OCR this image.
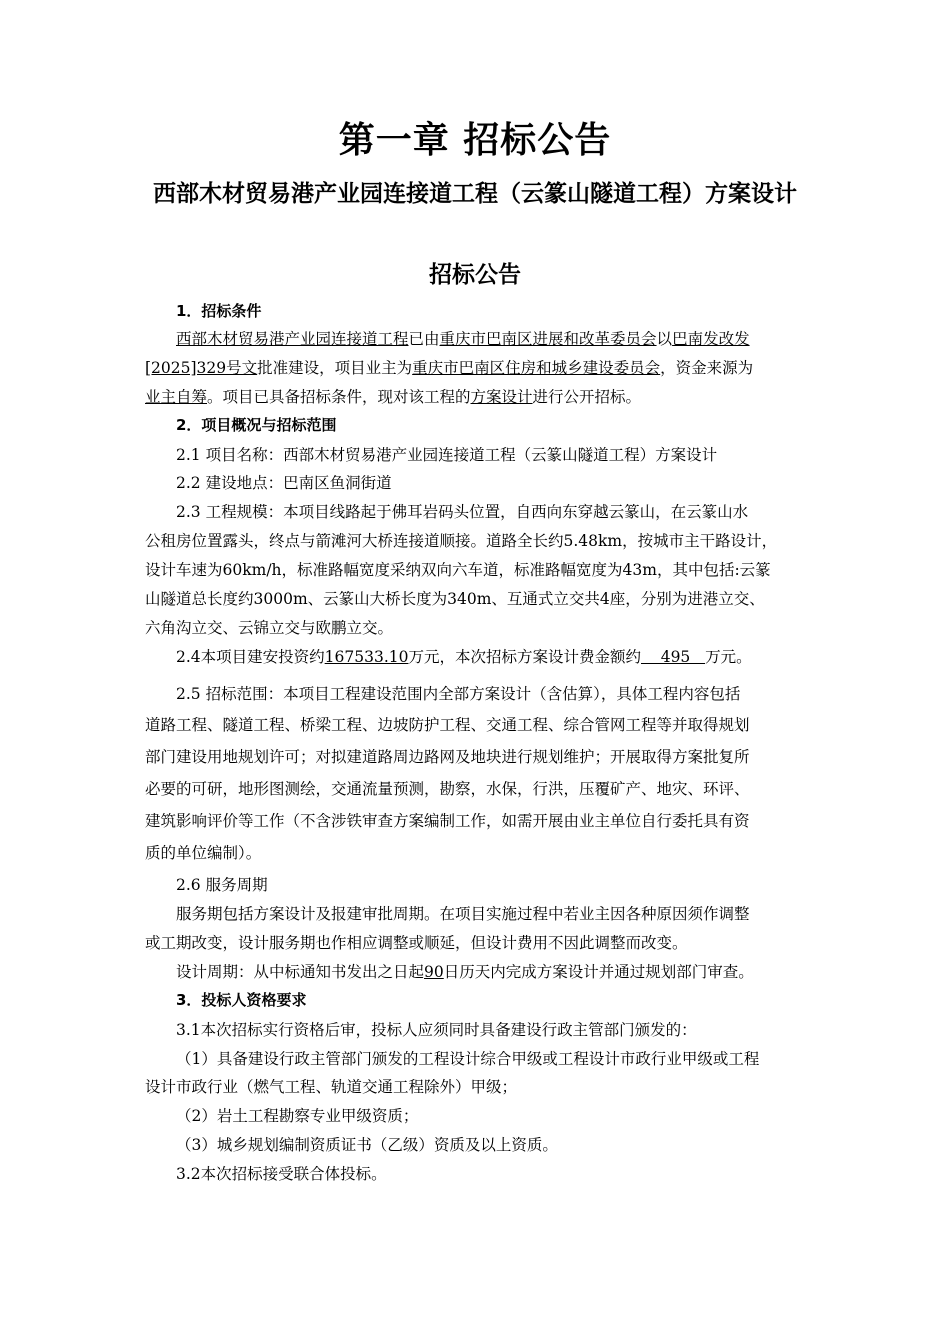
第一章 招标公告
西部木材贸易港产业园连接道工程（云篆山隧道工程）方案设计
招标公告
1．招标条件
西部木材贸易港产业园连接道工程已由重庆市巴南区进展和改革委员会以巴南发改发
[2025]329号文批准建设，项目业主为重庆市巴南区住房和城乡建设委员会，资金来源为
业主自筹。项目已具备招标条件，现对该工程的方案设计进行公开招标。
2．项目概况与招标范围
2.1 项目名称：西部木材贸易港产业园连接道工程（云篆山隧道工程）方案设计
2.2 建设地点：巴南区鱼洞街道
2.3 工程规模：本项目线路起于佛耳岩码头位置，自西向东穿越云篆山，在云篆山水
公租房位置露头，终点与箭滩河大桥连接道顺接。道路全长约5.48km，按城市主干路设计，
设计车速为60km/h，标准路幅宽度采纳双向六车道，标准路幅宽度为43m，其中包括:云篆
山隧道总长度约3000m、云篆山大桥长度为340m、互通式立交共4座，分别为进港立交、
六角沟立交、云锦立交与欧鹏立交。
2.4本项目建安投资约167533.10万元，本次招标方案设计费金额约    495   万元。
2.5 招标范围：本项目工程建设范围内全部方案设计（含估算），具体工程内容包括
道路工程、隧道工程、桥梁工程、边坡防护工程、交通工程、综合管网工程等并取得规划
部门建设用地规划许可；对拟建道路周边路网及地块进行规划维护；开展取得方案批复所
必要的可研，地形图测绘，交通流量预测，勘察，水保，行洪，压覆矿产、地灾、环评、
建筑影响评价等工作（不含涉铁审查方案编制工作，如需开展由业主单位自行委托具有资
质的单位编制）。
2.6 服务周期
服务期包括方案设计及报建审批周期。在项目实施过程中若业主因各种原因须作调整
或工期改变，设计服务期也作相应调整或顺延，但设计费用不因此调整而改变。
设计周期：从中标通知书发出之日起90日历天内完成方案设计并通过规划部门审查。
3．投标人资格要求
3.1本次招标实行资格后审，投标人应须同时具备建设行政主管部门颁发的：
（1）具备建设行政主管部门颁发的工程设计综合甲级或工程设计市政行业甲级或工程
设计市政行业（燃气工程、轨道交通工程除外）甲级；
（2）岩土工程勘察专业甲级资质；
（3）城乡规划编制资质证书（乙级）资质及以上资质。
3.2本次招标接受联合体投标。
